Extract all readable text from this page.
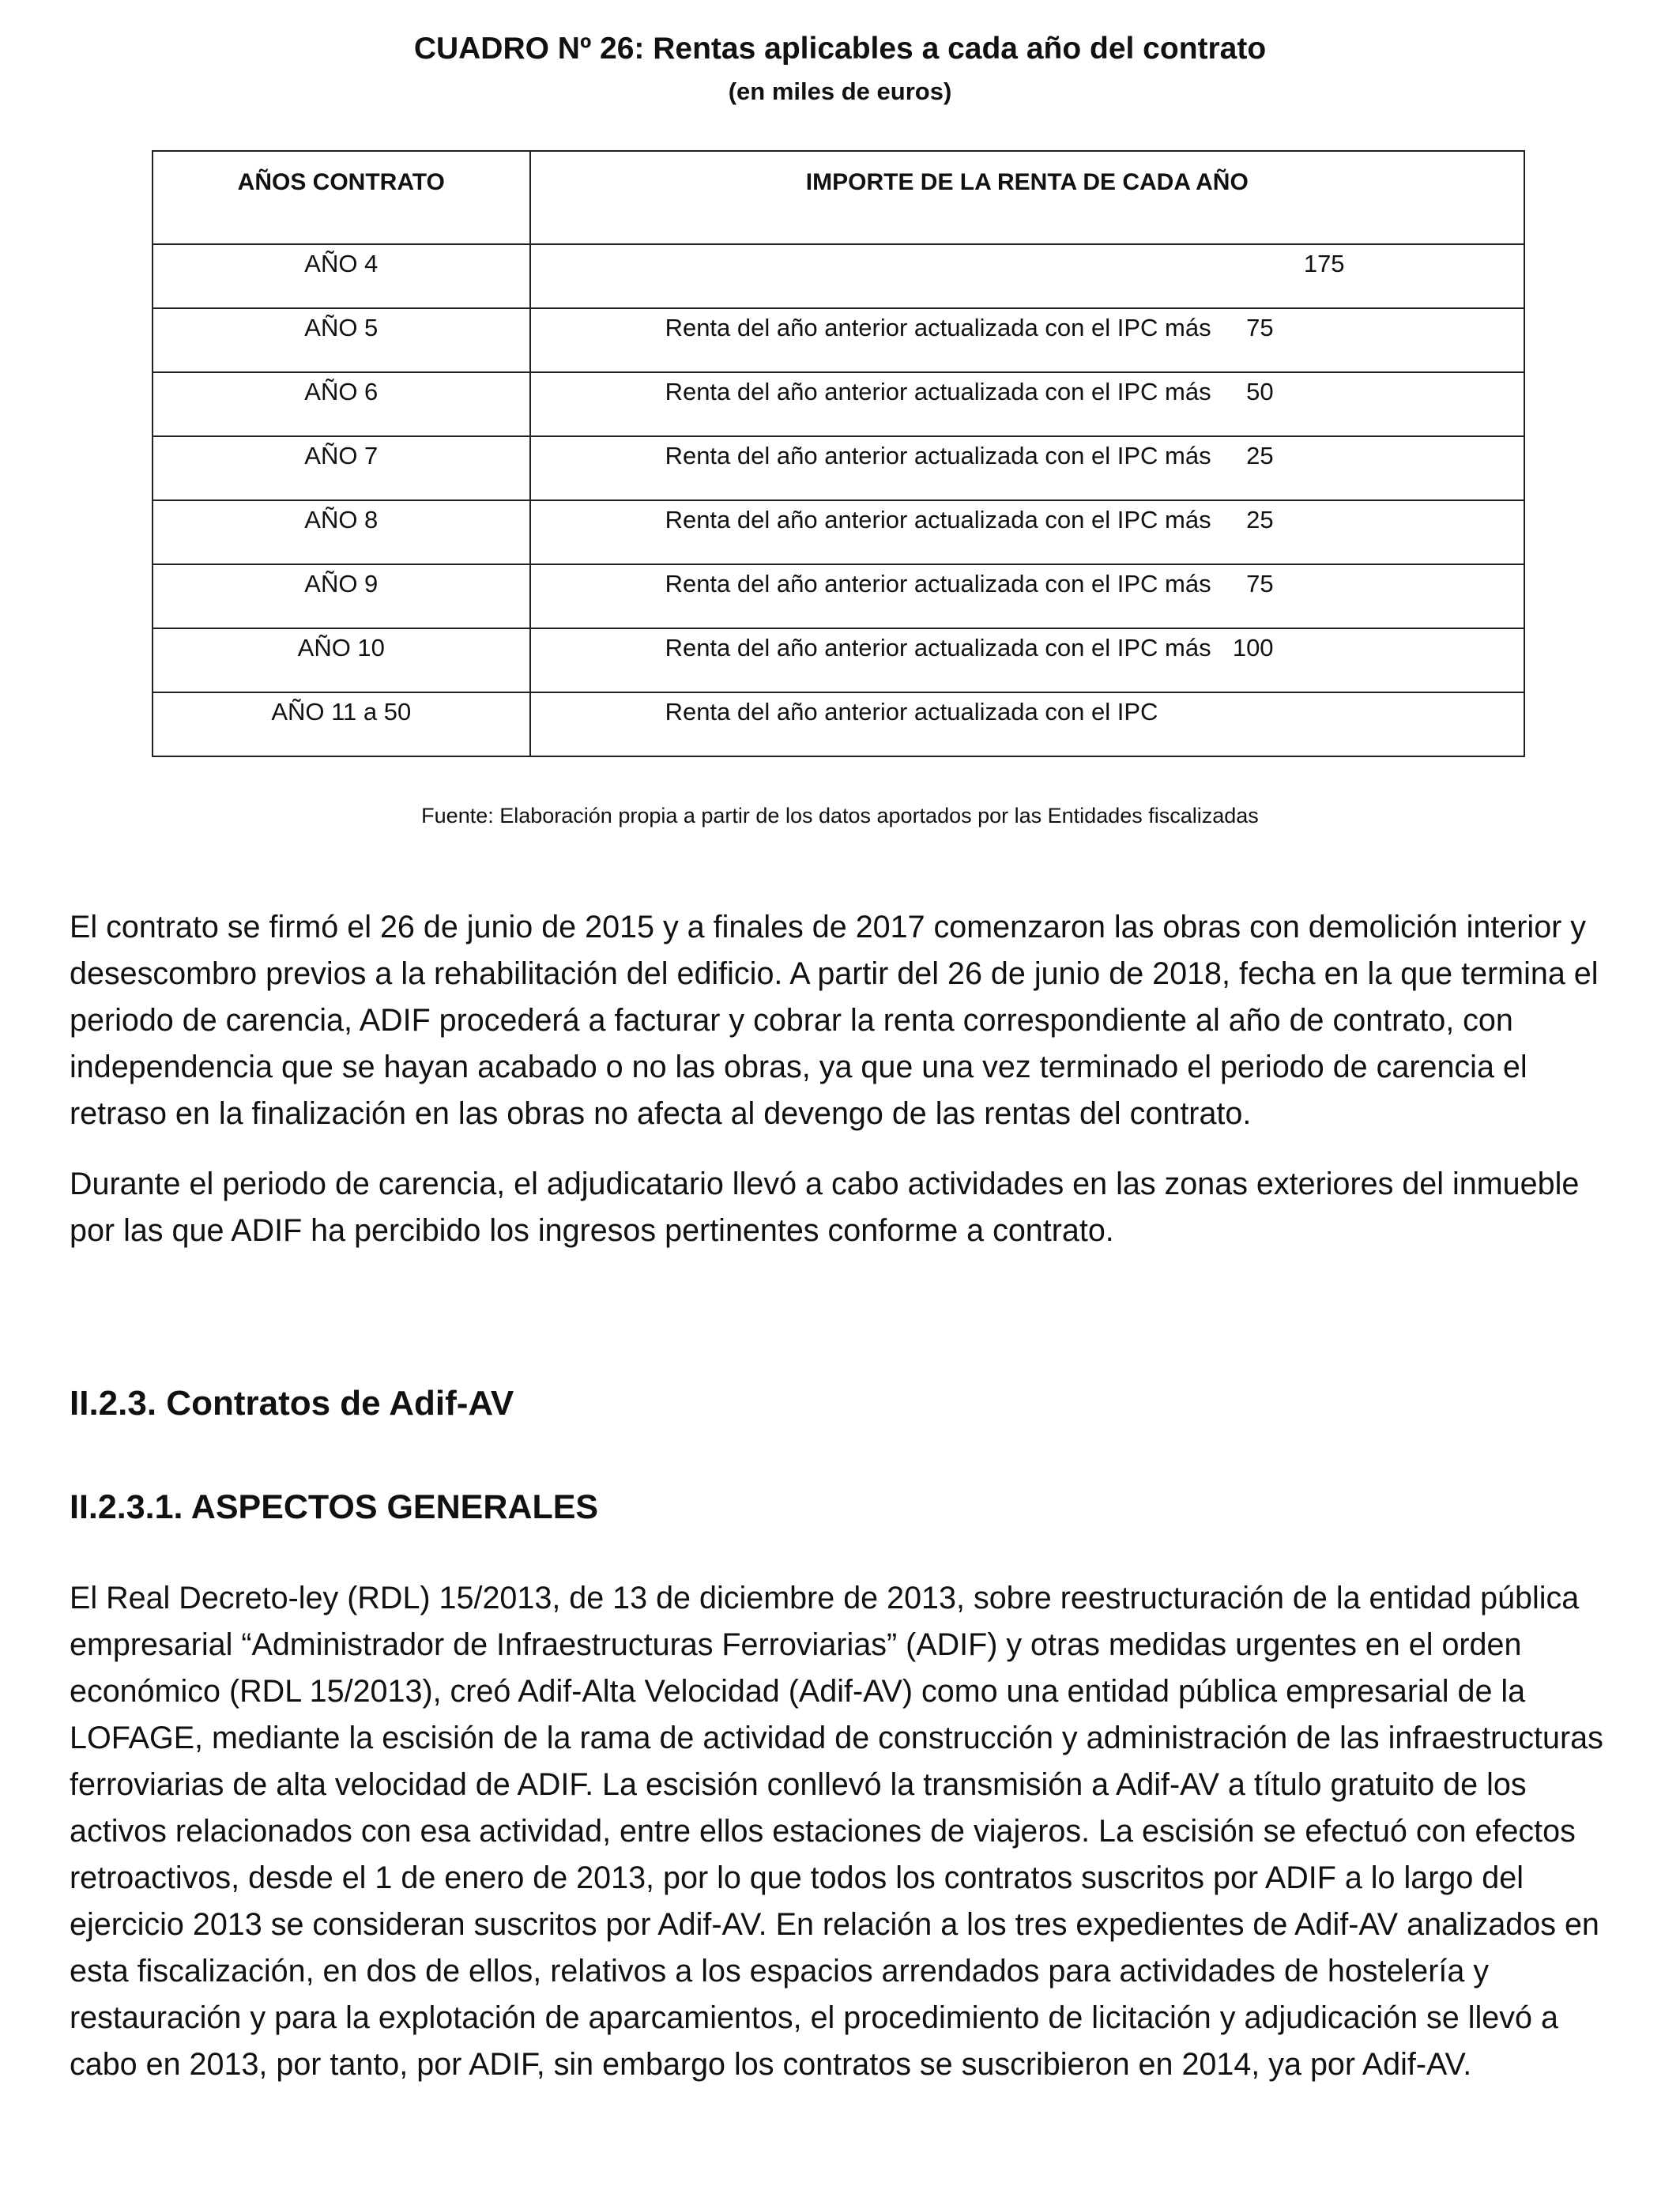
CUADRO Nº 26: Rentas aplicables a cada año del contrato
(en miles de euros)
AÑOS CONTRATO	IMPORTE DE LA RENTA DE CADA AÑO
AÑO 4	175

AÑO 5	Renta del año anterior actualizada con el IPC más 75

AÑO 6	Renta del año anterior actualizada con el IPC más 50

AÑO 7	Renta del año anterior actualizada con el IPC más 25

AÑO 8	Renta del año anterior actualizada con el IPC más 25

AÑO 9	Renta del año anterior actualizada con el IPC más 75

AÑO 10	Renta del año anterior actualizada con el IPC más 100

AÑO 11 a 50	Renta del año anterior actualizada con el IPC
Fuente: Elaboración propia a partir de los datos aportados por las Entidades fiscalizadas

El contrato se firmó el 26 de junio de 2015 y a finales de 2017 comenzaron las obras con demolición interior y desescombro previos a la rehabilitación del edificio. A partir del 26 de junio de 2018, fecha en la que termina el periodo de carencia, ADIF procederá a facturar y cobrar la renta correspondiente al año de contrato, con independencia que se hayan acabado o no las obras, ya que una vez terminado el periodo de carencia el retraso en la finalización en las obras no afecta al devengo de las rentas del contrato.

Durante el periodo de carencia, el adjudicatario llevó a cabo actividades en las zonas exteriores del inmueble por las que ADIF ha percibido los ingresos pertinentes conforme a contrato.

II.2.3. Contratos de Adif-AV
II.2.3.1. ASPECTOS GENERALES

El Real Decreto-ley (RDL) 15/2013, de 13 de diciembre de 2013, sobre reestructuración de la entidad pública empresarial “Administrador de Infraestructuras Ferroviarias” (ADIF) y otras medidas urgentes en el orden económico (RDL 15/2013), creó Adif-Alta Velocidad (Adif-AV) como una entidad pública empresarial de la LOFAGE, mediante la escisión de la rama de actividad de construcción y administración de las infraestructuras ferroviarias de alta velocidad de ADIF. La escisión conllevó la transmisión a Adif-AV a título gratuito de los activos relacionados con esa actividad, entre ellos estaciones de viajeros. La escisión se efectuó con efectos retroactivos, desde el 1 de enero de 2013, por lo que todos los contratos suscritos por ADIF a lo largo del ejercicio 2013 se consideran suscritos por Adif-AV. En relación a los tres expedientes de Adif-AV analizados en esta fiscalización, en dos de ellos, relativos a los espacios arrendados para actividades de hostelería y restauración y para la explotación de aparcamientos, el procedimiento de licitación y adjudicación se llevó a cabo en 2013, por tanto, por ADIF, sin embargo los contratos se suscribieron en 2014, ya por Adif-AV.
